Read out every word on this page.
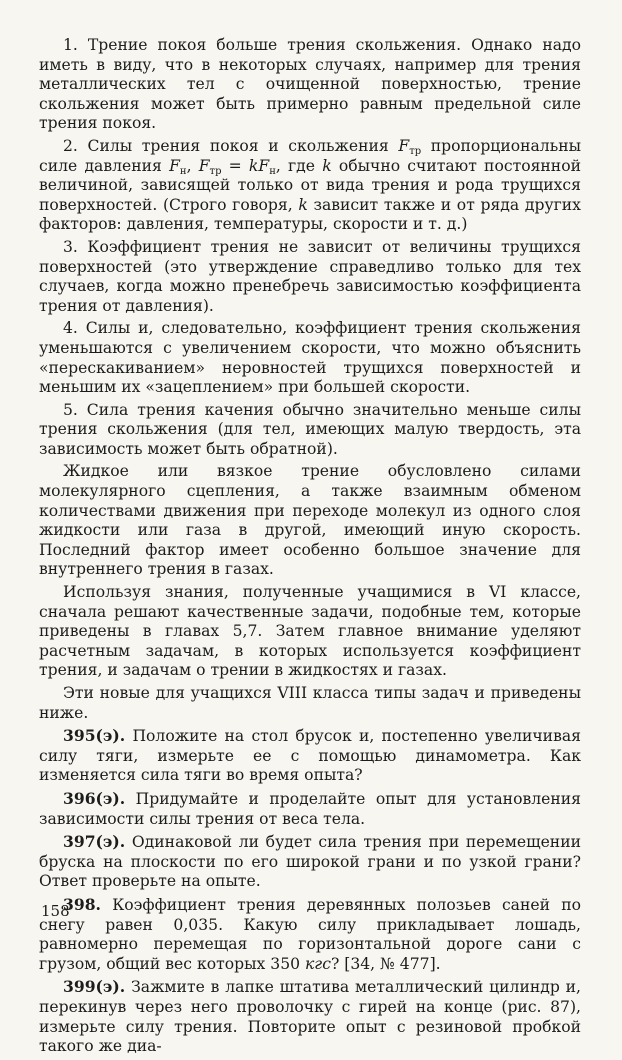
1. Трение покоя больше трения скольжения. Однако надо иметь в виду, что в некоторых случаях, например для трения металлических тел с очищенной поверхностью, трение скольжения может быть примерно равным предельной силе трения покоя.

2. Силы трения покоя и скольжения $F_{тр}$ пропорциональны силе давления $F_н$, $F_{тр} = kF_н$, где k обычно считают постоянной величиной, зависящей только от вида трения и рода трущихся поверхностей. (Строго говоря, k зависит также и от ряда других факторов: давления, температуры, скорости и т. д.)

3. Коэффициент трения не зависит от величины трущихся поверхностей (это утверждение справедливо только для тех случаев, когда можно пренебречь зависимостью коэффициента трения от давления).

4. Силы и, следовательно, коэффициент трения скольжения уменьшаются с увеличением скорости, что можно объяснить «перескакиванием» неровностей трущихся поверхностей и меньшим их «зацеплением» при большей скорости.

5. Сила трения качения обычно значительно меньше силы трения скольжения (для тел, имеющих малую твердость, эта зависимость может быть обратной).

Жидкое или вязкое трение обусловлено силами молекулярного сцепления, а также взаимным обменом количествами движения при переходе молекул из одного слоя жидкости или газа в другой, имеющий иную скорость. Последний фактор имеет особенно большое значение для внутреннего трения в газах.

Используя знания, полученные учащимися в VI классе, сначала решают качественные задачи, подобные тем, которые приведены в главах 5,7. Затем главное внимание уделяют расчетным задачам, в которых используется коэффициент трения, и задачам о трении в жидкостях и газах.

Эти новые для учащихся VIII класса типы задач и приведены ниже.

395(э). Положите на стол брусок и, постепенно увеличивая силу тяги, измерьте ее с помощью динамометра. Как изменяется сила тяги во время опыта?

396(э). Придумайте и проделайте опыт для установления зависимости силы трения от веса тела.

397(э). Одинаковой ли будет сила трения при перемещении бруска на плоскости по его широкой грани и по узкой грани? Ответ проверьте на опыте.

398. Коэффициент трения деревянных полозьев саней по снегу равен 0,035. Какую силу прикладывает лошадь, равномерно перемещая по горизонтальной дороге сани с грузом, общий вес которых 350 кгс? [34, № 477].

399(э). Зажмите в лапке штатива металлический цилиндр и, перекинув через него проволочку с гирей на конце (рис. 87), измерьте силу трения. Повторите опыт с резиновой пробкой такого же диа-

158
